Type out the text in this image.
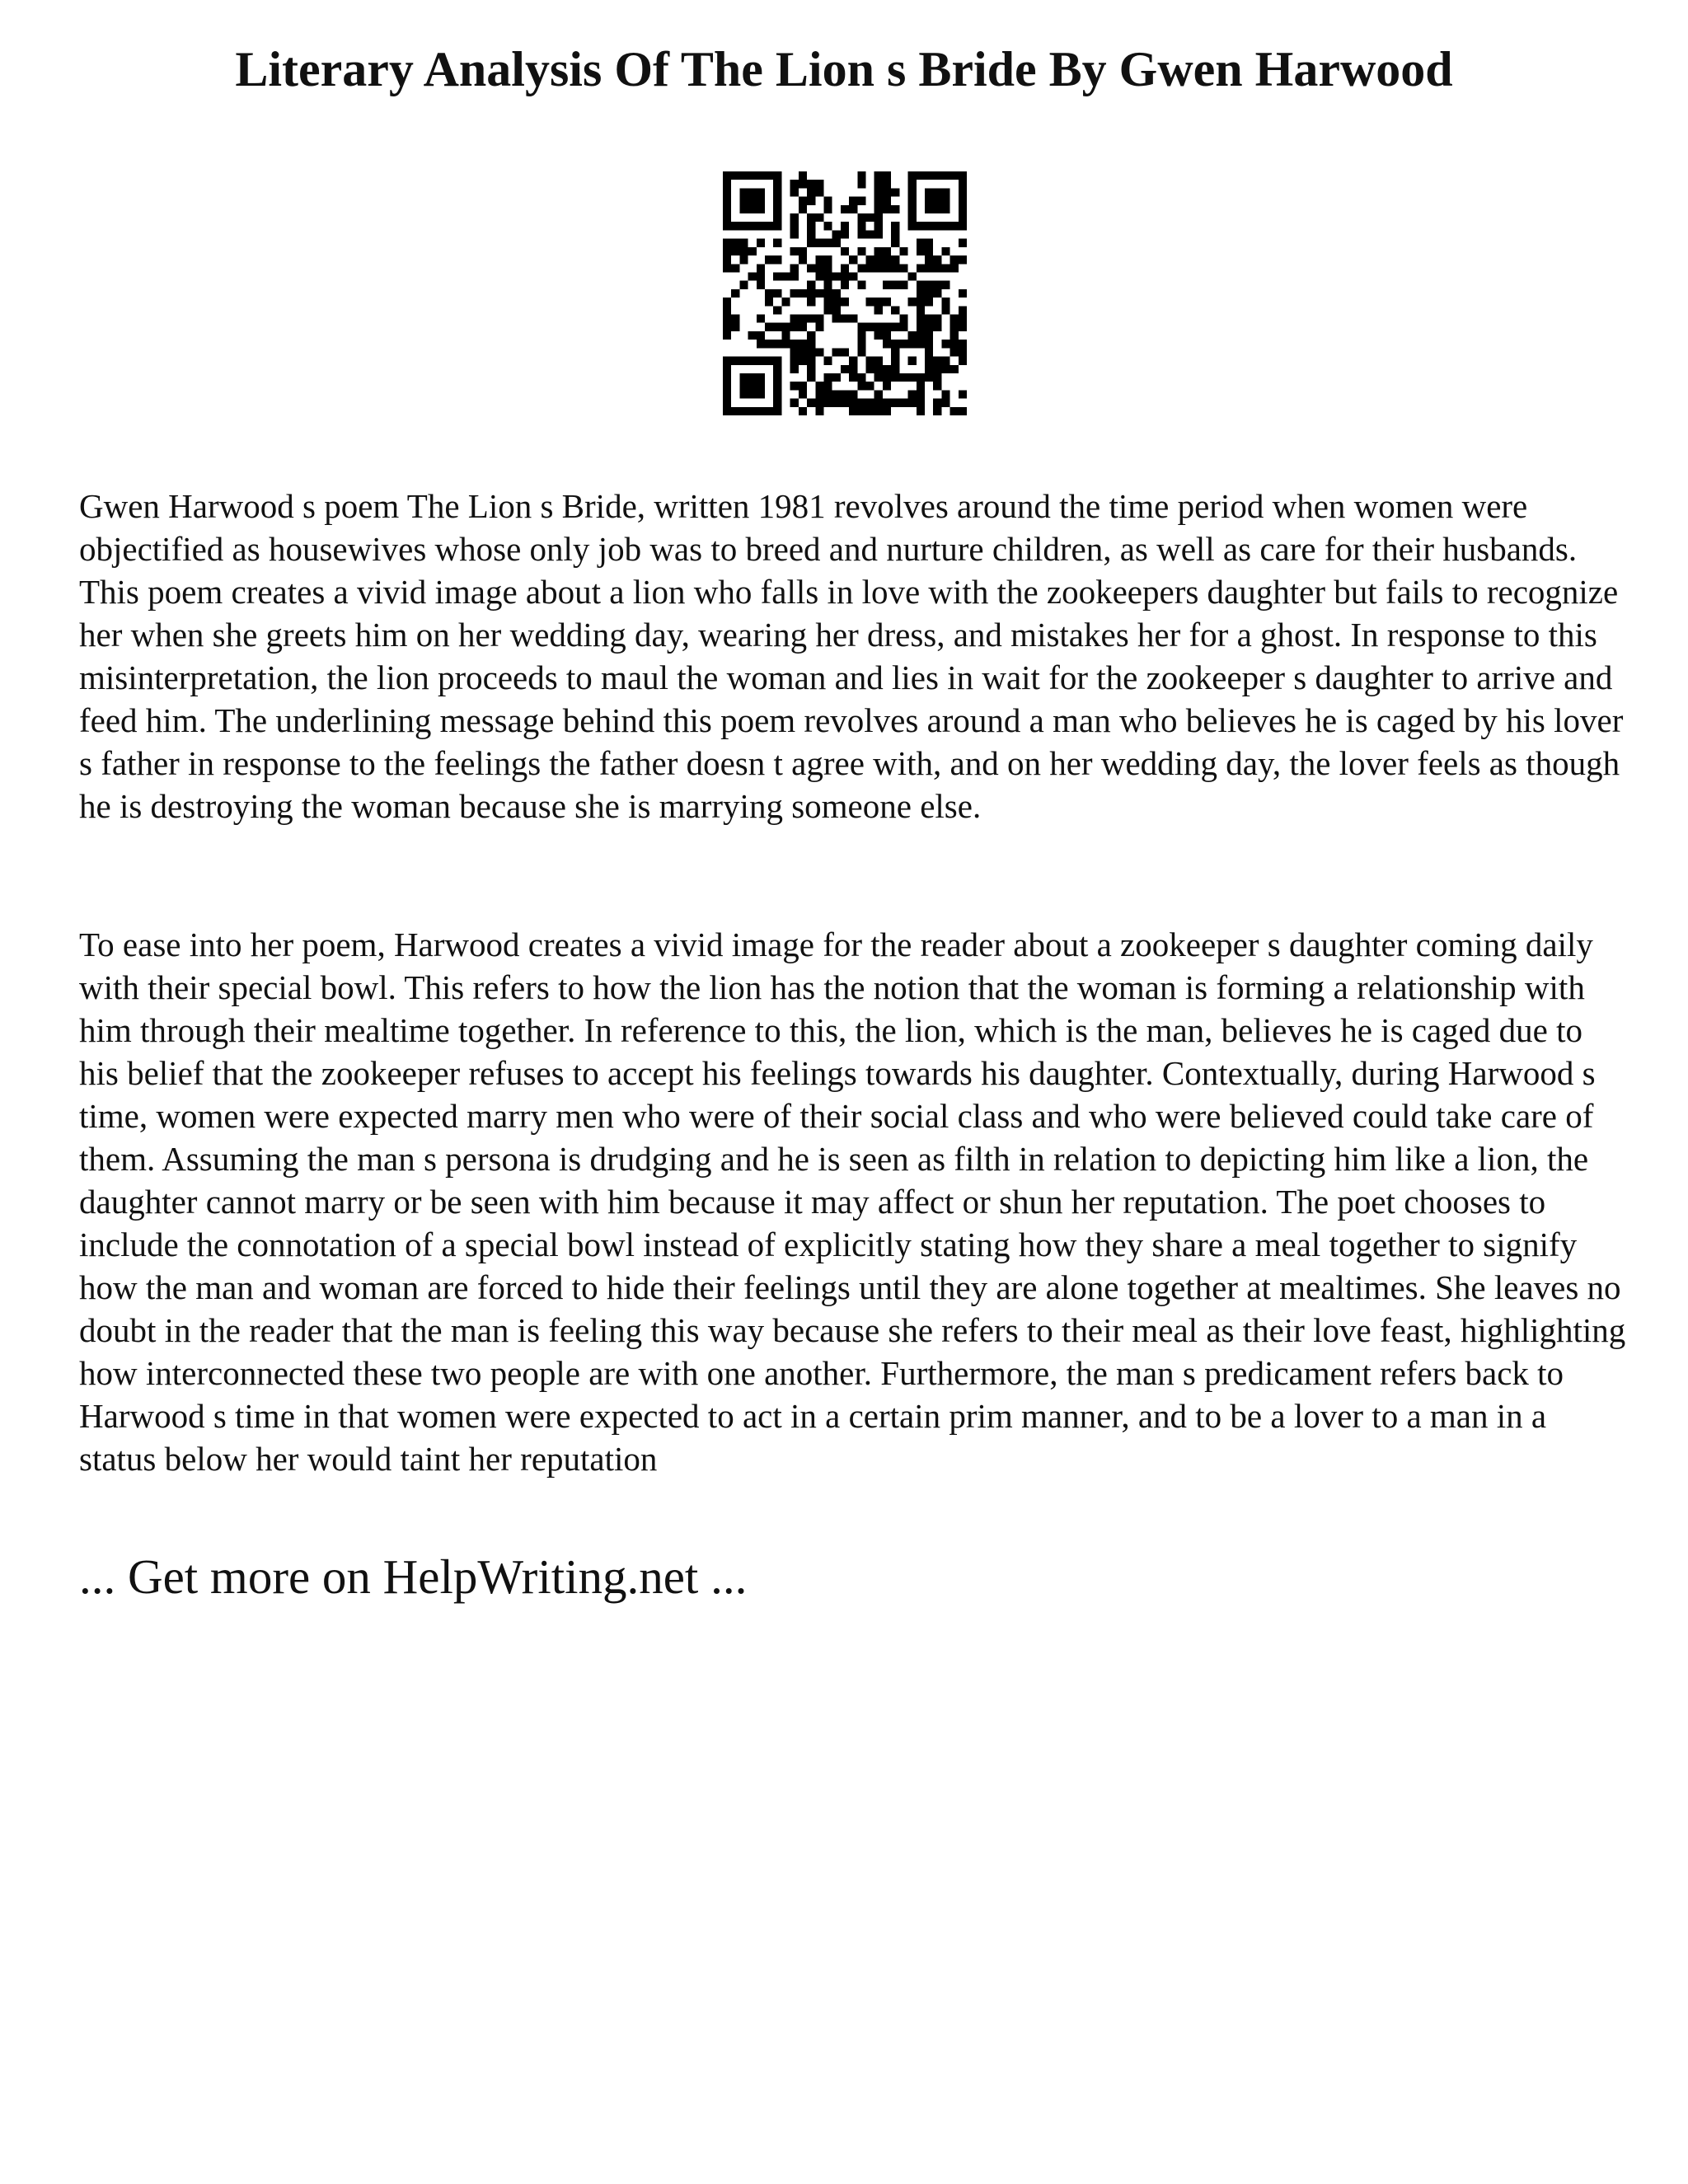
Literary Analysis Of The Lion s Bride By Gwen Harwood

Gwen Harwood s poem The Lion s Bride, written 1981 revolves around the time period when women were objectified as housewives whose only job was to breed and nurture children, as well as care for their husbands. This poem creates a vivid image about a lion who falls in love with the zookeepers daughter but fails to recognize her when she greets him on her wedding day, wearing her dress, and mistakes her for a ghost. In response to this misinterpretation, the lion proceeds to maul the woman and lies in wait for the zookeeper s daughter to arrive and feed him. The underlining message behind this poem revolves around a man who believes he is caged by his lover s father in response to the feelings the father doesn t agree with, and on her wedding day, the lover feels as though he is destroying the woman because she is marrying someone else.

To ease into her poem, Harwood creates a vivid image for the reader about a zookeeper s daughter coming daily with their special bowl. This refers to how the lion has the notion that the woman is forming a relationship with him through their mealtime together. In reference to this, the lion, which is the man, believes he is caged due to his belief that the zookeeper refuses to accept his feelings towards his daughter. Contextually, during Harwood s time, women were expected marry men who were of their social class and who were believed could take care of them. Assuming the man s persona is drudging and he is seen as filth in relation to depicting him like a lion, the daughter cannot marry or be seen with him because it may affect or shun her reputation. The poet chooses to include the connotation of a special bowl instead of explicitly stating how they share a meal together to signify how the man and woman are forced to hide their feelings until they are alone together at mealtimes. She leaves no doubt in the reader that the man is feeling this way because she refers to their meal as their love feast, highlighting how interconnected these two people are with one another. Furthermore, the man s predicament refers back to Harwood s time in that women were expected to act in a certain prim manner, and to be a lover to a man in a status below her would taint her reputation

... Get more on HelpWriting.net ...
